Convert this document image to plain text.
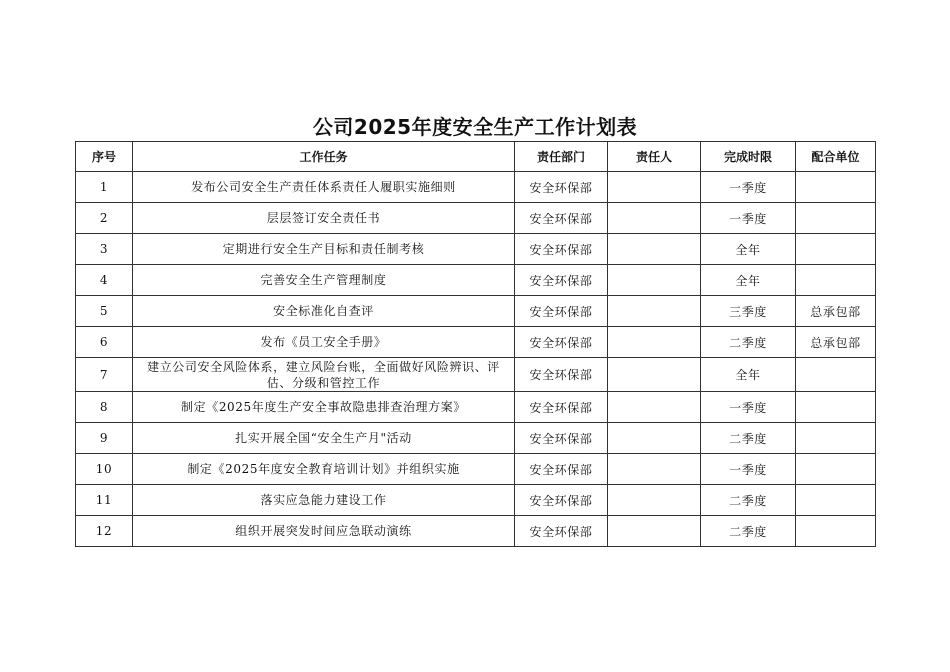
公司2025年度安全生产工作计划表
序号	工作任务	责任部门	责任人	完成时限	配合单位
1	发布公司安全生产责任体系责任人履职实施细则	安全环保部		一季度	
2	层层签订安全责任书	安全环保部		一季度	
3	定期进行安全生产目标和责任制考核	安全环保部		全年	
4	完善安全生产管理制度	安全环保部		全年	
5	安全标准化自查评	安全环保部		三季度	总承包部
6	发布《员工安全手册》	安全环保部		二季度	总承包部
7	建立公司安全风险体系，建立风险台账，全面做好风险辨识、评估、分级和管控工作	安全环保部		全年	
8	制定《2025年度生产安全事故隐患排查治理方案》	安全环保部		一季度	
9	扎实开展全国“安全生产月"活动	安全环保部		二季度	
10	制定《2025年度安全教育培训计划》并组织实施	安全环保部		一季度	
11	落实应急能力建设工作	安全环保部		二季度	
12	组织开展突发时间应急联动演练	安全环保部		二季度	
